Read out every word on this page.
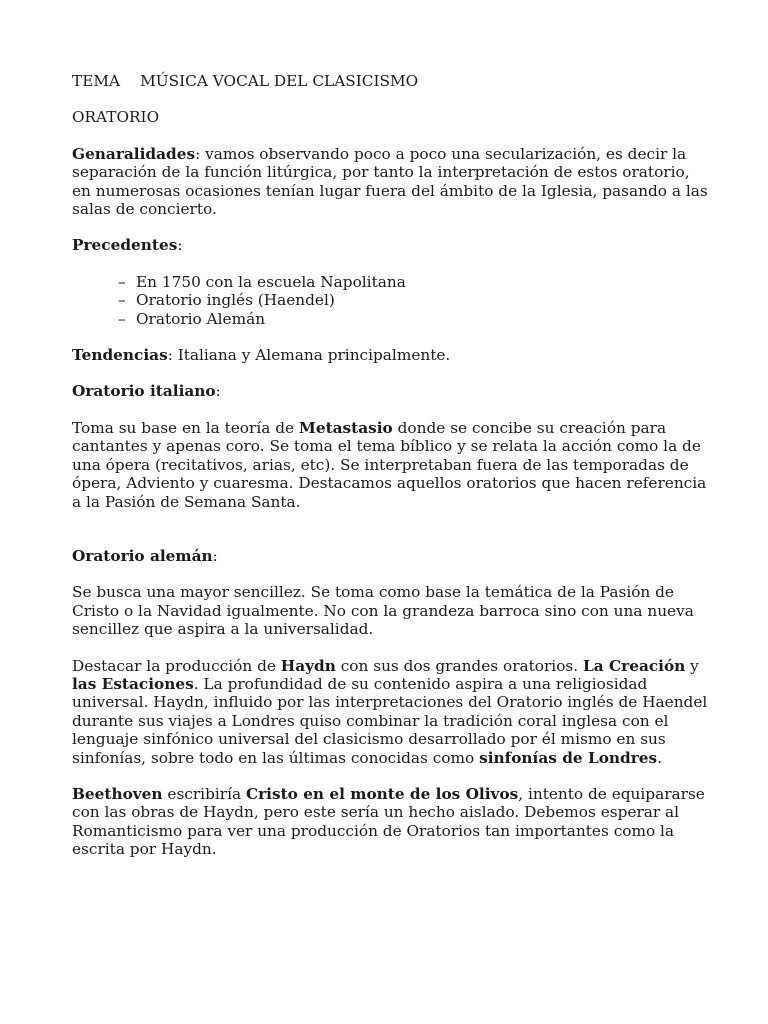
TEMA MÚSICA VOCAL DEL CLASICISMO

ORATORIO

Genaralidades: vamos observando poco a poco una secularización, es decir la separación de la función litúrgica, por tanto la interpretación de estos oratorio, en numerosas ocasiones tenían lugar fuera del ámbito de la Iglesia, pasando a las salas de concierto.

Precedentes:

– En 1750 con la escuela Napolitana
– Oratorio inglés (Haendel)
– Oratorio Alemán

Tendencias: Italiana y Alemana principalmente.

Oratorio italiano:

Toma su base en la teoría de Metastasio donde se concibe su creación para cantantes y apenas coro. Se toma el tema bíblico y se relata la acción como la de una ópera (recitativos, arias, etc). Se interpretaban fuera de las temporadas de ópera, Adviento y cuaresma. Destacamos aquellos oratorios que hacen referencia a la Pasión de Semana Santa.

Oratorio alemán:

Se busca una mayor sencillez. Se toma como base la temática de la Pasión de Cristo o la Navidad igualmente. No con la grandeza barroca sino con una nueva sencillez que aspira a la universalidad.

Destacar la producción de Haydn con sus dos grandes oratorios. La Creación y las Estaciones. La profundidad de su contenido aspira a una religiosidad universal. Haydn, influido por las interpretaciones del Oratorio inglés de Haendel durante sus viajes a Londres quiso combinar la tradición coral inglesa con el lenguaje sinfónico universal del clasicismo desarrollado por él mismo en sus sinfonías, sobre todo en las últimas conocidas como sinfonías de Londres.

Beethoven escribiría Cristo en el monte de los Olivos, intento de equipararse con las obras de Haydn, pero este sería un hecho aislado. Debemos esperar al Romanticismo para ver una producción de Oratorios tan importantes como la escrita por Haydn.
